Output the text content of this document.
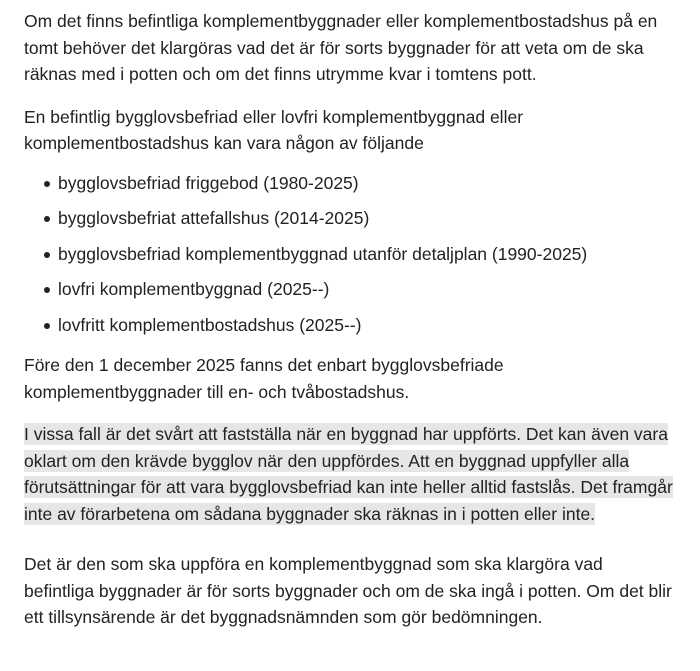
Om det finns befintliga komplementbyggnader eller komplementbostadshus på en tomt behöver det klargöras vad det är för sorts byggnader för att veta om de ska räknas med i potten och om det finns utrymme kvar i tomtens pott.

En befintlig bygglovsbefriad eller lovfri komplementbyggnad eller komplementbostadshus kan vara någon av följande

bygglovsbefriad friggebod (1980-2025)
bygglovsbefriat attefallshus (2014-2025)
bygglovsbefriad komplementbyggnad utanför detaljplan (1990-2025)
lovfri komplementbyggnad (2025--)
lovfritt komplementbostadshus (2025--)

Före den 1 december 2025 fanns det enbart bygglovsbefriade komplementbyggnader till en- och tvåbostadshus.

I vissa fall är det svårt att fastställa när en byggnad har uppförts. Det kan även vara oklart om den krävde bygglov när den uppfördes. Att en byggnad uppfyller alla förutsättningar för att vara bygglovsbefriad kan inte heller alltid fastslås. Det framgår inte av förarbetena om sådana byggnader ska räknas in i potten eller inte.

Det är den som ska uppföra en komplementbyggnad som ska klargöra vad befintliga byggnader är för sorts byggnader och om de ska ingå i potten. Om det blir ett tillsynsärende är det byggnadsnämnden som gör bedömningen.
